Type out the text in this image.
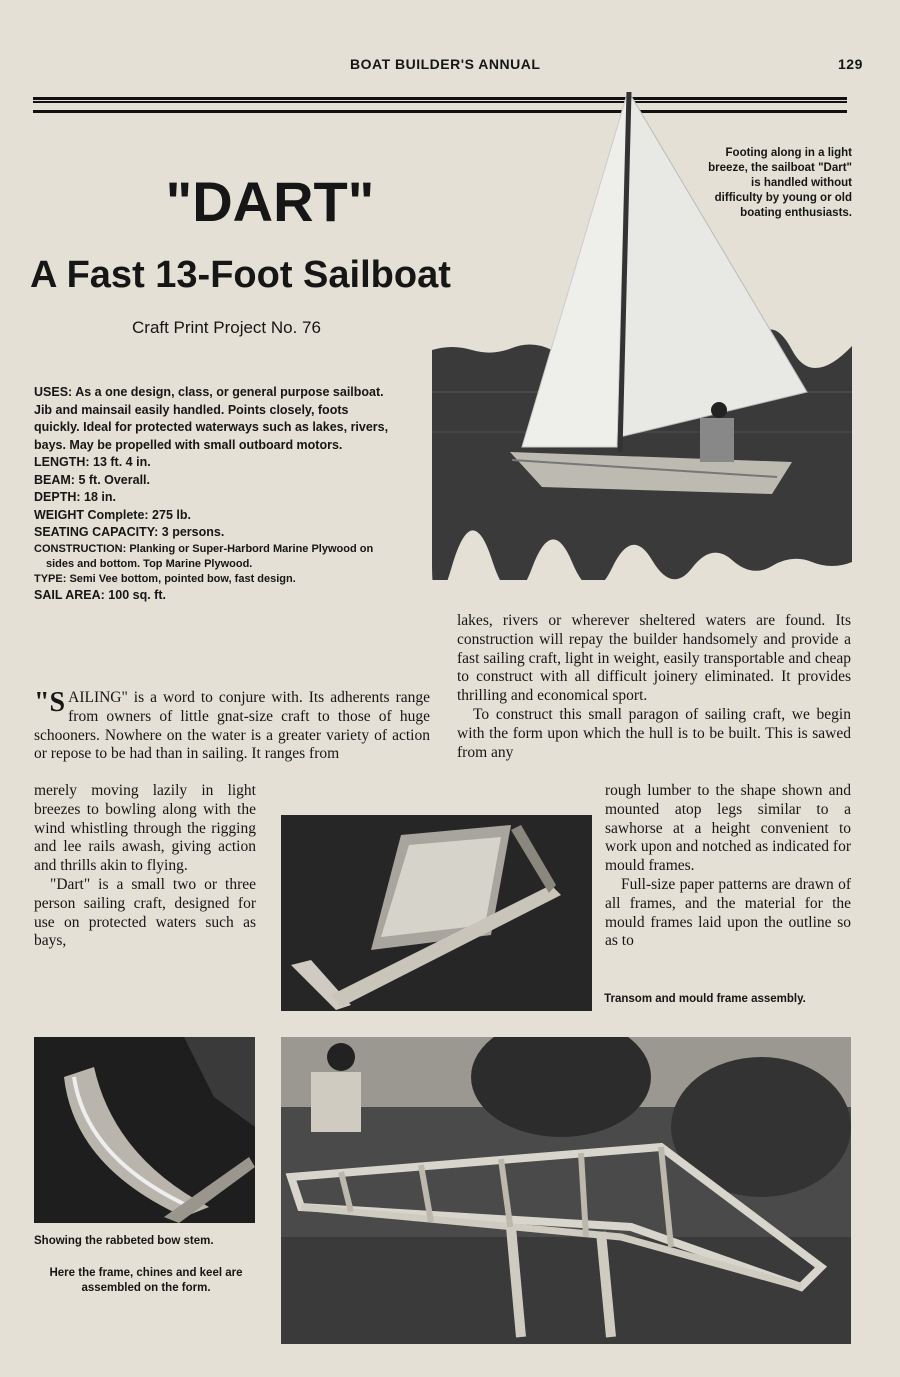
BOAT BUILDER'S ANNUAL	129
"DART"
A Fast 13-Foot Sailboat
Craft Print Project No. 76
Footing along in a light breeze, the sailboat "Dart" is handled without difficulty by young or old boating enthusiasts.

USES: As a one design, class, or general purpose sailboat. Jib and mainsail easily handled. Points closely, foots quickly. Ideal for protected waterways such as lakes, rivers, bays. May be propelled with small outboard motors.

LENGTH: 13 ft. 4 in.

BEAM: 5 ft. Overall.

DEPTH: 18 in.

WEIGHT Complete: 275 lb.

SEATING CAPACITY: 3 persons.

CONSTRUCTION: Planking or Super-Harbord Marine Plywood on sides and bottom. Top Marine Plywood.

TYPE: Semi Vee bottom, pointed bow, fast design.

SAIL AREA: 100 sq. ft.

"SAILING" is a word to conjure with. Its adherents range from owners of little gnat-size craft to those of huge schooners. Nowhere on the water is a greater variety of action or repose to be had than in sailing. It ranges from

merely moving lazily in light breezes to bowling along with the wind whistling through the rigging and lee rails awash, giving action and thrills akin to flying.

"Dart" is a small two or three person sailing craft, designed for use on protected waters such as bays,

lakes, rivers or wherever sheltered waters are found. Its construction will repay the builder handsomely and provide a fast sailing craft, light in weight, easily transportable and cheap to construct with all difficult joinery eliminated. It provides thrilling and economical sport.

To construct this small paragon of sailing craft, we begin with the form upon which the hull is to be built. This is sawed from any

rough lumber to the shape shown and mounted atop legs similar to a sawhorse at a height convenient to work upon and notched as indicated for mould frames.

Full-size paper patterns are drawn of all frames, and the material for the mould frames laid upon the outline so as to

Transom and mould frame assembly.
Showing the rabbeted bow stem.
Here the frame, chines and keel are assembled on the form.
